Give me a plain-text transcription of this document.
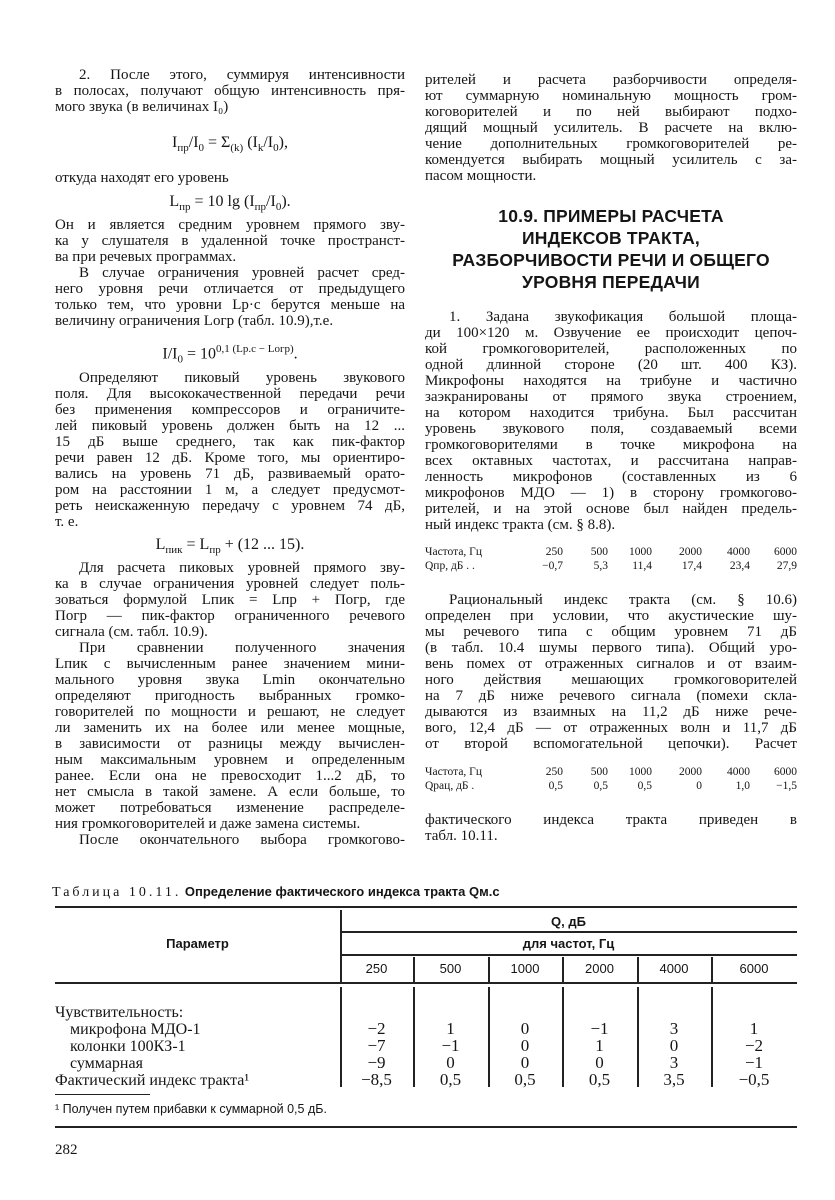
2. После этого, суммируя интенсивности
в полосах, получают общую интенсивность пря-
мого звука (в величинах I₀)
$I_{пр}/I_0 = \Sigma_{(k)}$ $(I_k/I_0)$,
откуда находят его уровень
$L_{пр} = 10$ $\lg (I_{пр}/I_0)$.
Он и является средним уровнем прямого зву-
ка у слушателя в удаленной точке пространст-
ва при речевых программах.
В случае ограничения уровней расчет сред-
него уровня речи отличается от предыдущего
только тем, что уровни Lр·с берутся меньше на
величину ограничения Lогр (табл. 10.9),т.е.
$I/I_0 = 10^{0,1 (Lр.с - Lогр)}$.
Определяют пиковый уровень звукового
поля. Для высококачественной передачи речи
без применения компрессоров и ограничите-
лей пиковый уровень должен быть на 12 ...
15 дБ выше среднего, так как пик-фактор
речи равен 12 дБ. Кроме того, мы ориентиро-
вались на уровень 71 дБ, развиваемый орато-
ром на расстоянии 1 м, а следует предусмот-
реть неискаженную передачу с уровнем 74 дБ,
т. е.
$L_{пик} = L_{пр} + (12$ ... 15).
Для расчета пиковых уровней прямого зву-
ка в случае ограничения уровней следует поль-
зоваться формулой Lпик = Lпр + Погр, где
Погр — пик-фактор ограниченного речевого
сигнала (см. табл. 10.9).
При сравнении полученного значения
Lпик с вычисленным ранее значением мини-
мального уровня звука Lmin окончательно
определяют пригодность выбранных громко-
говорителей по мощности и решают, не следует
ли заменить их на более или менее мощные,
в зависимости от разницы между вычислен-
ным максимальным уровнем и определенным
ранее. Если она не превосходит 1...2 дБ, то
нет смысла в такой замене. А если больше, то
может потребоваться изменение распределе-
ния громкоговорителей и даже замена системы.
После окончательного выбора громкогово-
рителей и расчета разборчивости определя-
ют суммарную номинальную мощность гром-
коговорителей и по ней выбирают подхо-
дящий мощный усилитель. В расчете на вклю-
чение дополнительных громкоговорителей ре-
комендуется выбирать мощный усилитель с за-
пасом мощности.
10.9. ПРИМЕРЫ РАСЧЕТА
ИНДЕКСОВ ТРАКТА,
РАЗБОРЧИВОСТИ РЕЧИ И ОБЩЕГО
УРОВНЯ ПЕРЕДАЧИ
1. Задана звукофикация большой площа-
ди 100×120 м. Озвучение ее происходит цепоч-
кой громкоговорителей, расположенных по
одной длинной стороне (20 шт. 400 КЗ).
Микрофоны находятся на трибуне и частично
заэкранированы от прямого звука строением,
на котором находится трибуна. Был рассчитан
уровень звукового поля, создаваемый всеми
громкоговорителями в точке микрофона на
всех октавных частотах, и рассчитана направ-
ленность микрофонов (составленных из 6
микрофонов МДО — 1) в сторону громкогово-
рителей, и на этой основе был найден предель-
ный индекс тракта (см. § 8.8).
Частота, Гц	250	500	1000	2000	4000	6000
Qпр, дБ . .	−0,7	5,3	11,4	17,4	23,4	27,9
Рациональный индекс тракта (см. § 10.6)
определен при условии, что акустические шу-
мы речевого типа с общим уровнем 71 дБ
(в табл. 10.4 шумы первого типа). Общий уро-
вень помех от отраженных сигналов и от взаим-
ного действия мешающих громкоговорителей
на 7 дБ ниже речевого сигнала (помехи скла-
дываются из взаимных на 11,2 дБ ниже рече-
вого, 12,4 дБ — от отраженных волн и 11,7 дБ
от второй вспомогательной цепочки). Расчет
Частота, Гц	250	500	1000	2000	4000	6000
Qрац, дБ .	0,5	0,5	0,5	0	1,0	−1,5
фактического индекса тракта приведен в
табл. 10.11.
Таблица 10.11. Определение фактического индекса тракта Qм.с
Параметр
Q, дБ
для частот, Гц
250	500	1000	2000	4000	6000
Чувствительность:
микрофона МДО-1	−2	1	0	−1	3	1
колонки 100КЗ-1	−7	−1	0	1	0	−2
суммарная	−9	0	0	0	3	−1
Фактический индекс тракта¹	−8,5	0,5	0,5	0,5	3,5	−0,5
¹ Получен путем прибавки к суммарной 0,5 дБ.
282
